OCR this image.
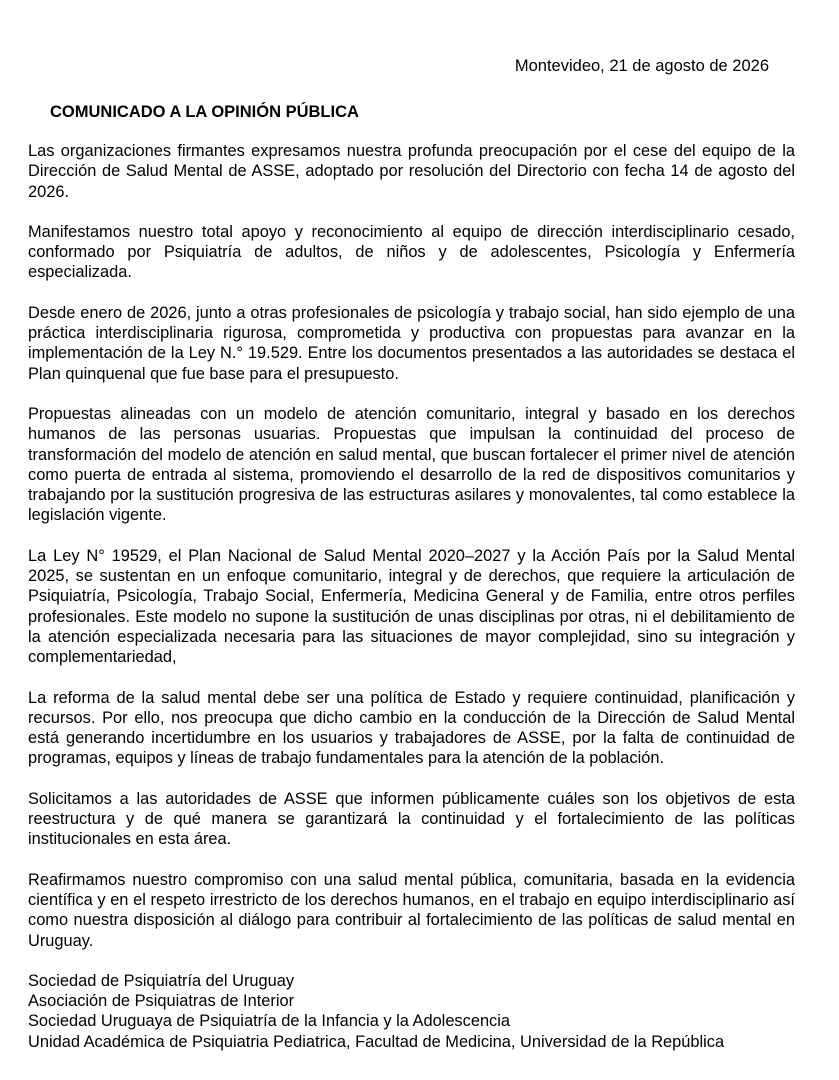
Montevideo, 21 de agosto de 2026
COMUNICADO A LA OPINIÓN PÚBLICA

Las organizaciones firmantes expresamos nuestra profunda preocupación por el cese del equipo de la Dirección de Salud Mental de ASSE, adoptado por resolución del Directorio con fecha 14 de agosto del 2026.

Manifestamos nuestro total apoyo y reconocimiento al equipo de dirección interdisciplinario cesado, conformado por Psiquiatría de adultos, de niños y de adolescentes, Psicología y Enfermería especializada.

Desde enero de 2026, junto a otras profesionales de psicología y trabajo social, han sido ejemplo de una práctica interdisciplinaria rigurosa, comprometida y productiva con propuestas para avanzar en la implementación de la Ley N.° 19.529. Entre los documentos presentados a las autoridades se destaca el Plan quinquenal que fue base para el presupuesto.

Propuestas alineadas con un modelo de atención comunitario, integral y basado en los derechos humanos de las personas usuarias. Propuestas que impulsan la continuidad del proceso de transformación del modelo de atención en salud mental, que buscan fortalecer el primer nivel de atención como puerta de entrada al sistema, promoviendo el desarrollo de la red de dispositivos comunitarios y trabajando por la sustitución progresiva de las estructuras asilares y monovalentes, tal como establece la legislación vigente.

La Ley N° 19529, el Plan Nacional de Salud Mental 2020–2027 y la Acción País por la Salud Mental 2025, se sustentan en un enfoque comunitario, integral y de derechos, que requiere la articulación de Psiquiatría, Psicología, Trabajo Social, Enfermería, Medicina General y de Familia, entre otros perfiles profesionales. Este modelo no supone la sustitución de unas disciplinas por otras, ni el debilitamiento de la atención especializada necesaria para las situaciones de mayor complejidad, sino su integración y complementariedad,

La reforma de la salud mental debe ser una política de Estado y requiere continuidad, planificación y recursos. Por ello, nos preocupa que dicho cambio en la conducción de la Dirección de Salud Mental está generando incertidumbre en los usuarios y trabajadores de ASSE, por la falta de continuidad de programas, equipos y líneas de trabajo fundamentales para la atención de la población.

Solicitamos a las autoridades de ASSE que informen públicamente cuáles son los objetivos de esta reestructura y de qué manera se garantizará la continuidad y el fortalecimiento de las políticas institucionales en esta área.

Reafirmamos nuestro compromiso con una salud mental pública, comunitaria, basada en la evidencia científica y en el respeto irrestricto de los derechos humanos, en el trabajo en equipo interdisciplinario así como nuestra disposición al diálogo para contribuir al fortalecimiento de las políticas de salud mental en Uruguay.

Sociedad de Psiquiatría del Uruguay
Asociación de Psiquiatras de Interior
Sociedad Uruguaya de Psiquiatría de la Infancia y la Adolescencia
Unidad Académica de Psiquiatria Pediatrica, Facultad de Medicina, Universidad de la República
